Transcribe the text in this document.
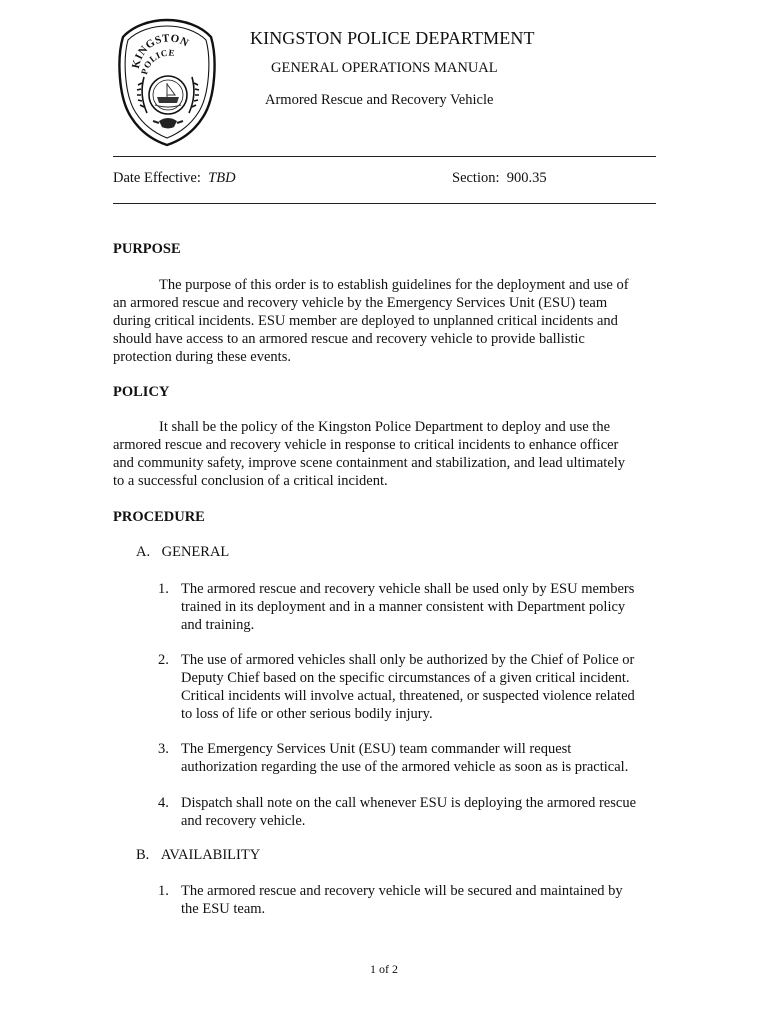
KINGSTON
POLICE
KINGSTON POLICE DEPARTMENT
GENERAL OPERATIONS MANUAL
Armored Rescue and Recovery Vehicle
Date Effective: TBD	Section: 900.35
PURPOSE
The purpose of this order is to establish guidelines for the deployment and use of
an armored rescue and recovery vehicle by the Emergency Services Unit (ESU) team
during critical incidents. ESU member are deployed to unplanned critical incidents and
should have access to an armored rescue and recovery vehicle to provide ballistic
protection during these events.
POLICY
It shall be the policy of the Kingston Police Department to deploy and use the
armored rescue and recovery vehicle in response to critical incidents to enhance officer
and community safety, improve scene containment and stabilization, and lead ultimately
to a successful conclusion of a critical incident.
PROCEDURE
A. GENERAL
1. The armored rescue and recovery vehicle shall be used only by ESU members
trained in its deployment and in a manner consistent with Department policy
and training.
2. The use of armored vehicles shall only be authorized by the Chief of Police or
Deputy Chief based on the specific circumstances of a given critical incident.
Critical incidents will involve actual, threatened, or suspected violence related
to loss of life or other serious bodily injury.
3. The Emergency Services Unit (ESU) team commander will request
authorization regarding the use of the armored vehicle as soon as is practical.
4. Dispatch shall note on the call whenever ESU is deploying the armored rescue
and recovery vehicle.
B. AVAILABILITY
1. The armored rescue and recovery vehicle will be secured and maintained by
the ESU team.
1 of 2
